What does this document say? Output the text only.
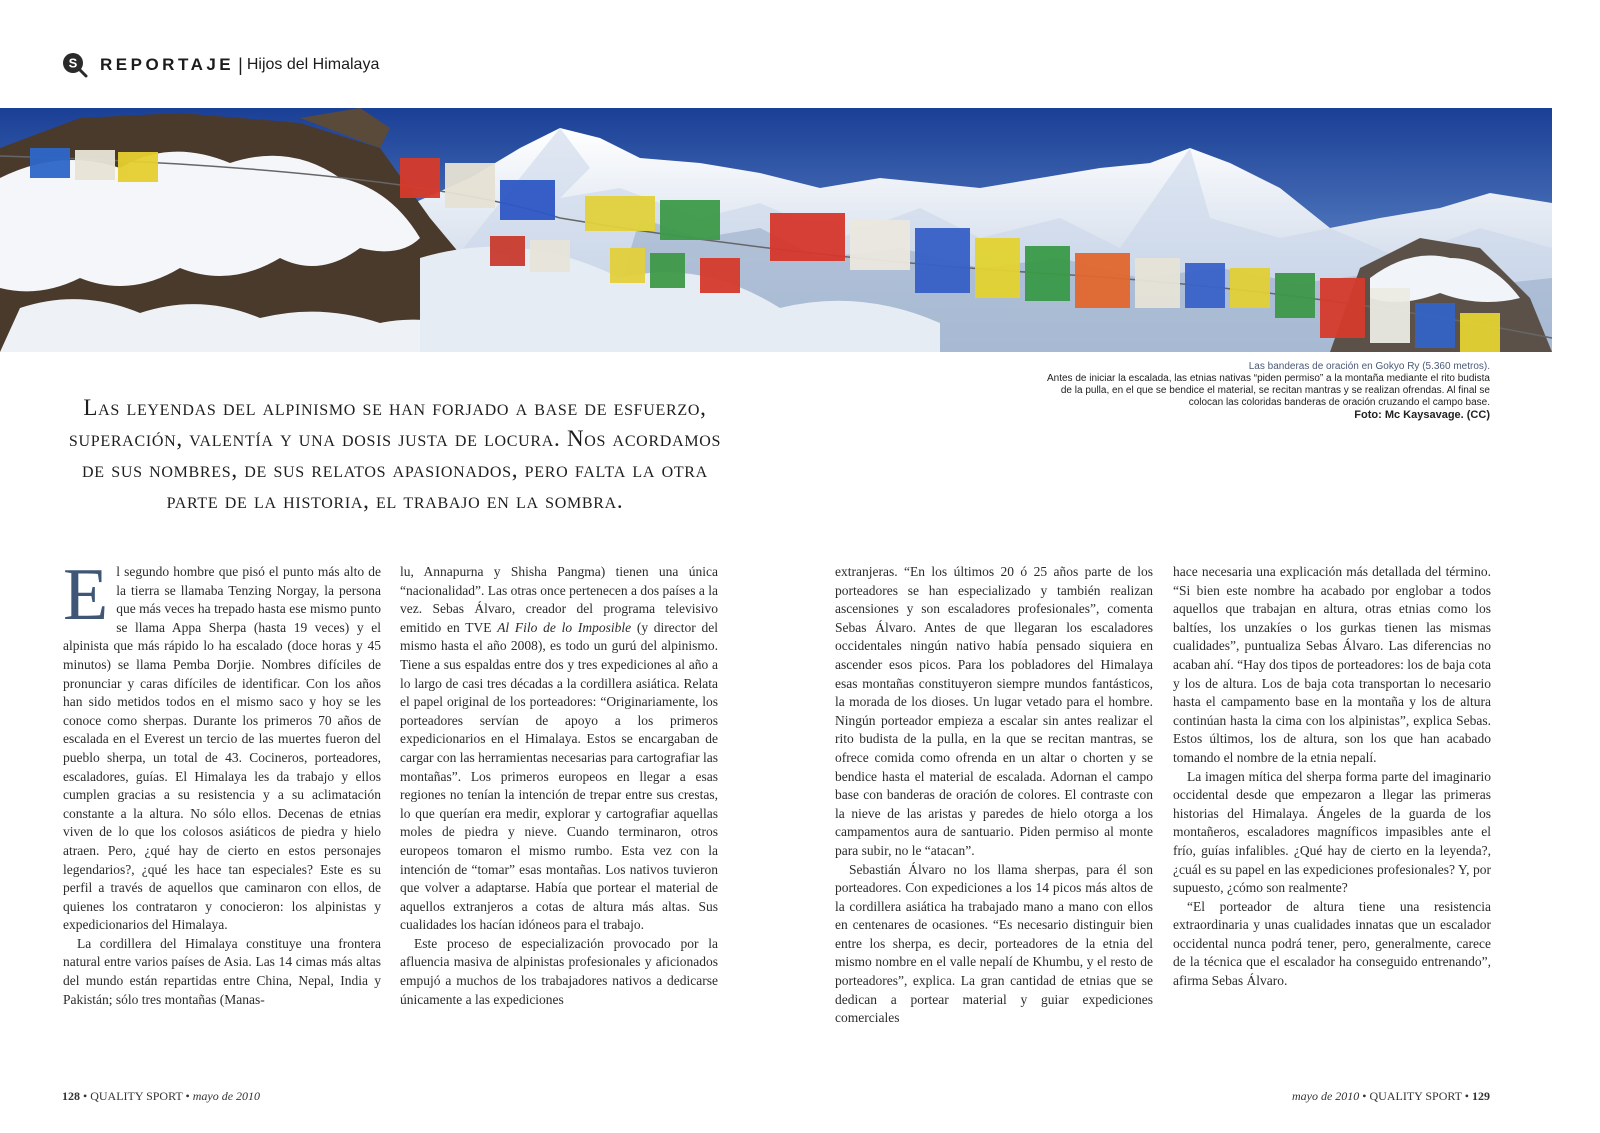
S REPORTAJE | Hijos del Himalaya
Las banderas de oración en Gokyo Ry (5.360 metros).
Antes de iniciar la escalada, las etnias nativas “piden permiso” a la montaña mediante el rito budista
de la pulla, en el que se bendice el material, se recitan mantras y se realizan ofrendas. Al final se
colocan las coloridas banderas de oración cruzando el campo base.
Foto: Mc Kaysavage. (CC)
Las leyendas del alpinismo se han forjado a base de esfuerzo, superación, valentía y una dosis justa de locura. Nos acordamos de sus nombres, de sus relatos apasionados, pero falta la otra parte de la historia, el trabajo en la sombra.

El segundo hombre que pisó el punto más alto de la tierra se llamaba Tenzing Norgay, la persona que más veces ha trepado hasta ese mismo punto se llama Appa Sherpa (hasta 19 veces) y el alpinista que más rápido lo ha escalado (doce horas y 45 minutos) se llama Pemba Dorjie. Nombres difíciles de pronunciar y caras difíciles de identificar. Con los años han sido metidos todos en el mismo saco y hoy se les conoce como sherpas. Durante los primeros 70 años de escalada en el Everest un tercio de las muertes fueron del pueblo sherpa, un total de 43. Cocineros, porteadores, escaladores, guías. El Himalaya les da trabajo y ellos cumplen gracias a su resistencia y a su aclimatación constante a la altura. No sólo ellos. Decenas de etnias viven de lo que los colosos asiáticos de piedra y hielo atraen. Pero, ¿qué hay de cierto en estos personajes legendarios?, ¿qué les hace tan especiales? Este es su perfil a través de aquellos que caminaron con ellos, de quienes los contrataron y conocieron: los alpinistas y expedicionarios del Himalaya.

La cordillera del Himalaya constituye una frontera natural entre varios países de Asia. Las 14 cimas más altas del mundo están repartidas entre China, Nepal, India y Pakistán; sólo tres montañas (Manas-

lu, Annapurna y Shisha Pangma) tienen una única “nacionalidad”. Las otras once pertenecen a dos países a la vez. Sebas Álvaro, creador del programa televisivo emitido en TVE Al Filo de lo Imposible (y director del mismo hasta el año 2008), es todo un gurú del alpinismo. Tiene a sus espaldas entre dos y tres expediciones al año a lo largo de casi tres décadas a la cordillera asiática. Relata el papel original de los porteadores: “Originariamente, los porteadores servían de apoyo a los primeros expedicionarios en el Himalaya. Estos se encargaban de cargar con las herramientas necesarias para cartografiar las montañas”. Los primeros europeos en llegar a esas regiones no tenían la intención de trepar entre sus crestas, lo que querían era medir, explorar y cartografiar aquellas moles de piedra y nieve. Cuando terminaron, otros europeos tomaron el mismo rumbo. Esta vez con la intención de “tomar” esas montañas. Los nativos tuvieron que volver a adaptarse. Había que portear el material de aquellos extranjeros a cotas de altura más altas. Sus cualidades los hacían idóneos para el trabajo.

Este proceso de especialización provocado por la afluencia masiva de alpinistas profesionales y aficionados empujó a muchos de los trabajadores nativos a dedicarse únicamente a las expediciones

extranjeras. “En los últimos 20 ó 25 años parte de los porteadores se han especializado y también realizan ascensiones y son escaladores profesionales”, comenta Sebas Álvaro. Antes de que llegaran los escaladores occidentales ningún nativo había pensado siquiera en ascender esos picos. Para los pobladores del Himalaya esas montañas constituyeron siempre mundos fantásticos, la morada de los dioses. Un lugar vetado para el hombre. Ningún porteador empieza a escalar sin antes realizar el rito budista de la pulla, en la que se recitan mantras, se ofrece comida como ofrenda en un altar o chorten y se bendice hasta el material de escalada. Adornan el campo base con banderas de oración de colores. El contraste con la nieve de las aristas y paredes de hielo otorga a los campamentos aura de santuario. Piden permiso al monte para subir, no le “atacan”.

Sebastián Álvaro no los llama sherpas, para él son porteadores. Con expediciones a los 14 picos más altos de la cordillera asiática ha trabajado mano a mano con ellos en centenares de ocasiones. “Es necesario distinguir bien entre los sherpa, es decir, porteadores de la etnia del mismo nombre en el valle nepalí de Khumbu, y el resto de porteadores”, explica. La gran cantidad de etnias que se dedican a portear material y guiar expediciones comerciales

hace necesaria una explicación más detallada del término. “Si bien este nombre ha acabado por englobar a todos aquellos que trabajan en altura, otras etnias como los baltíes, los unzakíes o los gurkas tienen las mismas cualidades”, puntualiza Sebas Álvaro. Las diferencias no acaban ahí. “Hay dos tipos de porteadores: los de baja cota y los de altura. Los de baja cota transportan lo necesario hasta el campamento base en la montaña y los de altura continúan hasta la cima con los alpinistas”, explica Sebas. Estos últimos, los de altura, son los que han acabado tomando el nombre de la etnia nepalí.

La imagen mítica del sherpa forma parte del imaginario occidental desde que empezaron a llegar las primeras historias del Himalaya. Ángeles de la guarda de los montañeros, escaladores magníficos impasibles ante el frío, guías infalibles. ¿Qué hay de cierto en la leyenda?, ¿cuál es su papel en las expediciones profesionales? Y, por supuesto, ¿cómo son realmente?

“El porteador de altura tiene una resistencia extraordinaria y unas cualidades innatas que un escalador occidental nunca podrá tener, pero, generalmente, carece de la técnica que el escalador ha conseguido entrenando”, afirma Sebas Álvaro.

128 • QUALITY SPORT • mayo de 2010	mayo de 2010 • QUALITY SPORT • 129
